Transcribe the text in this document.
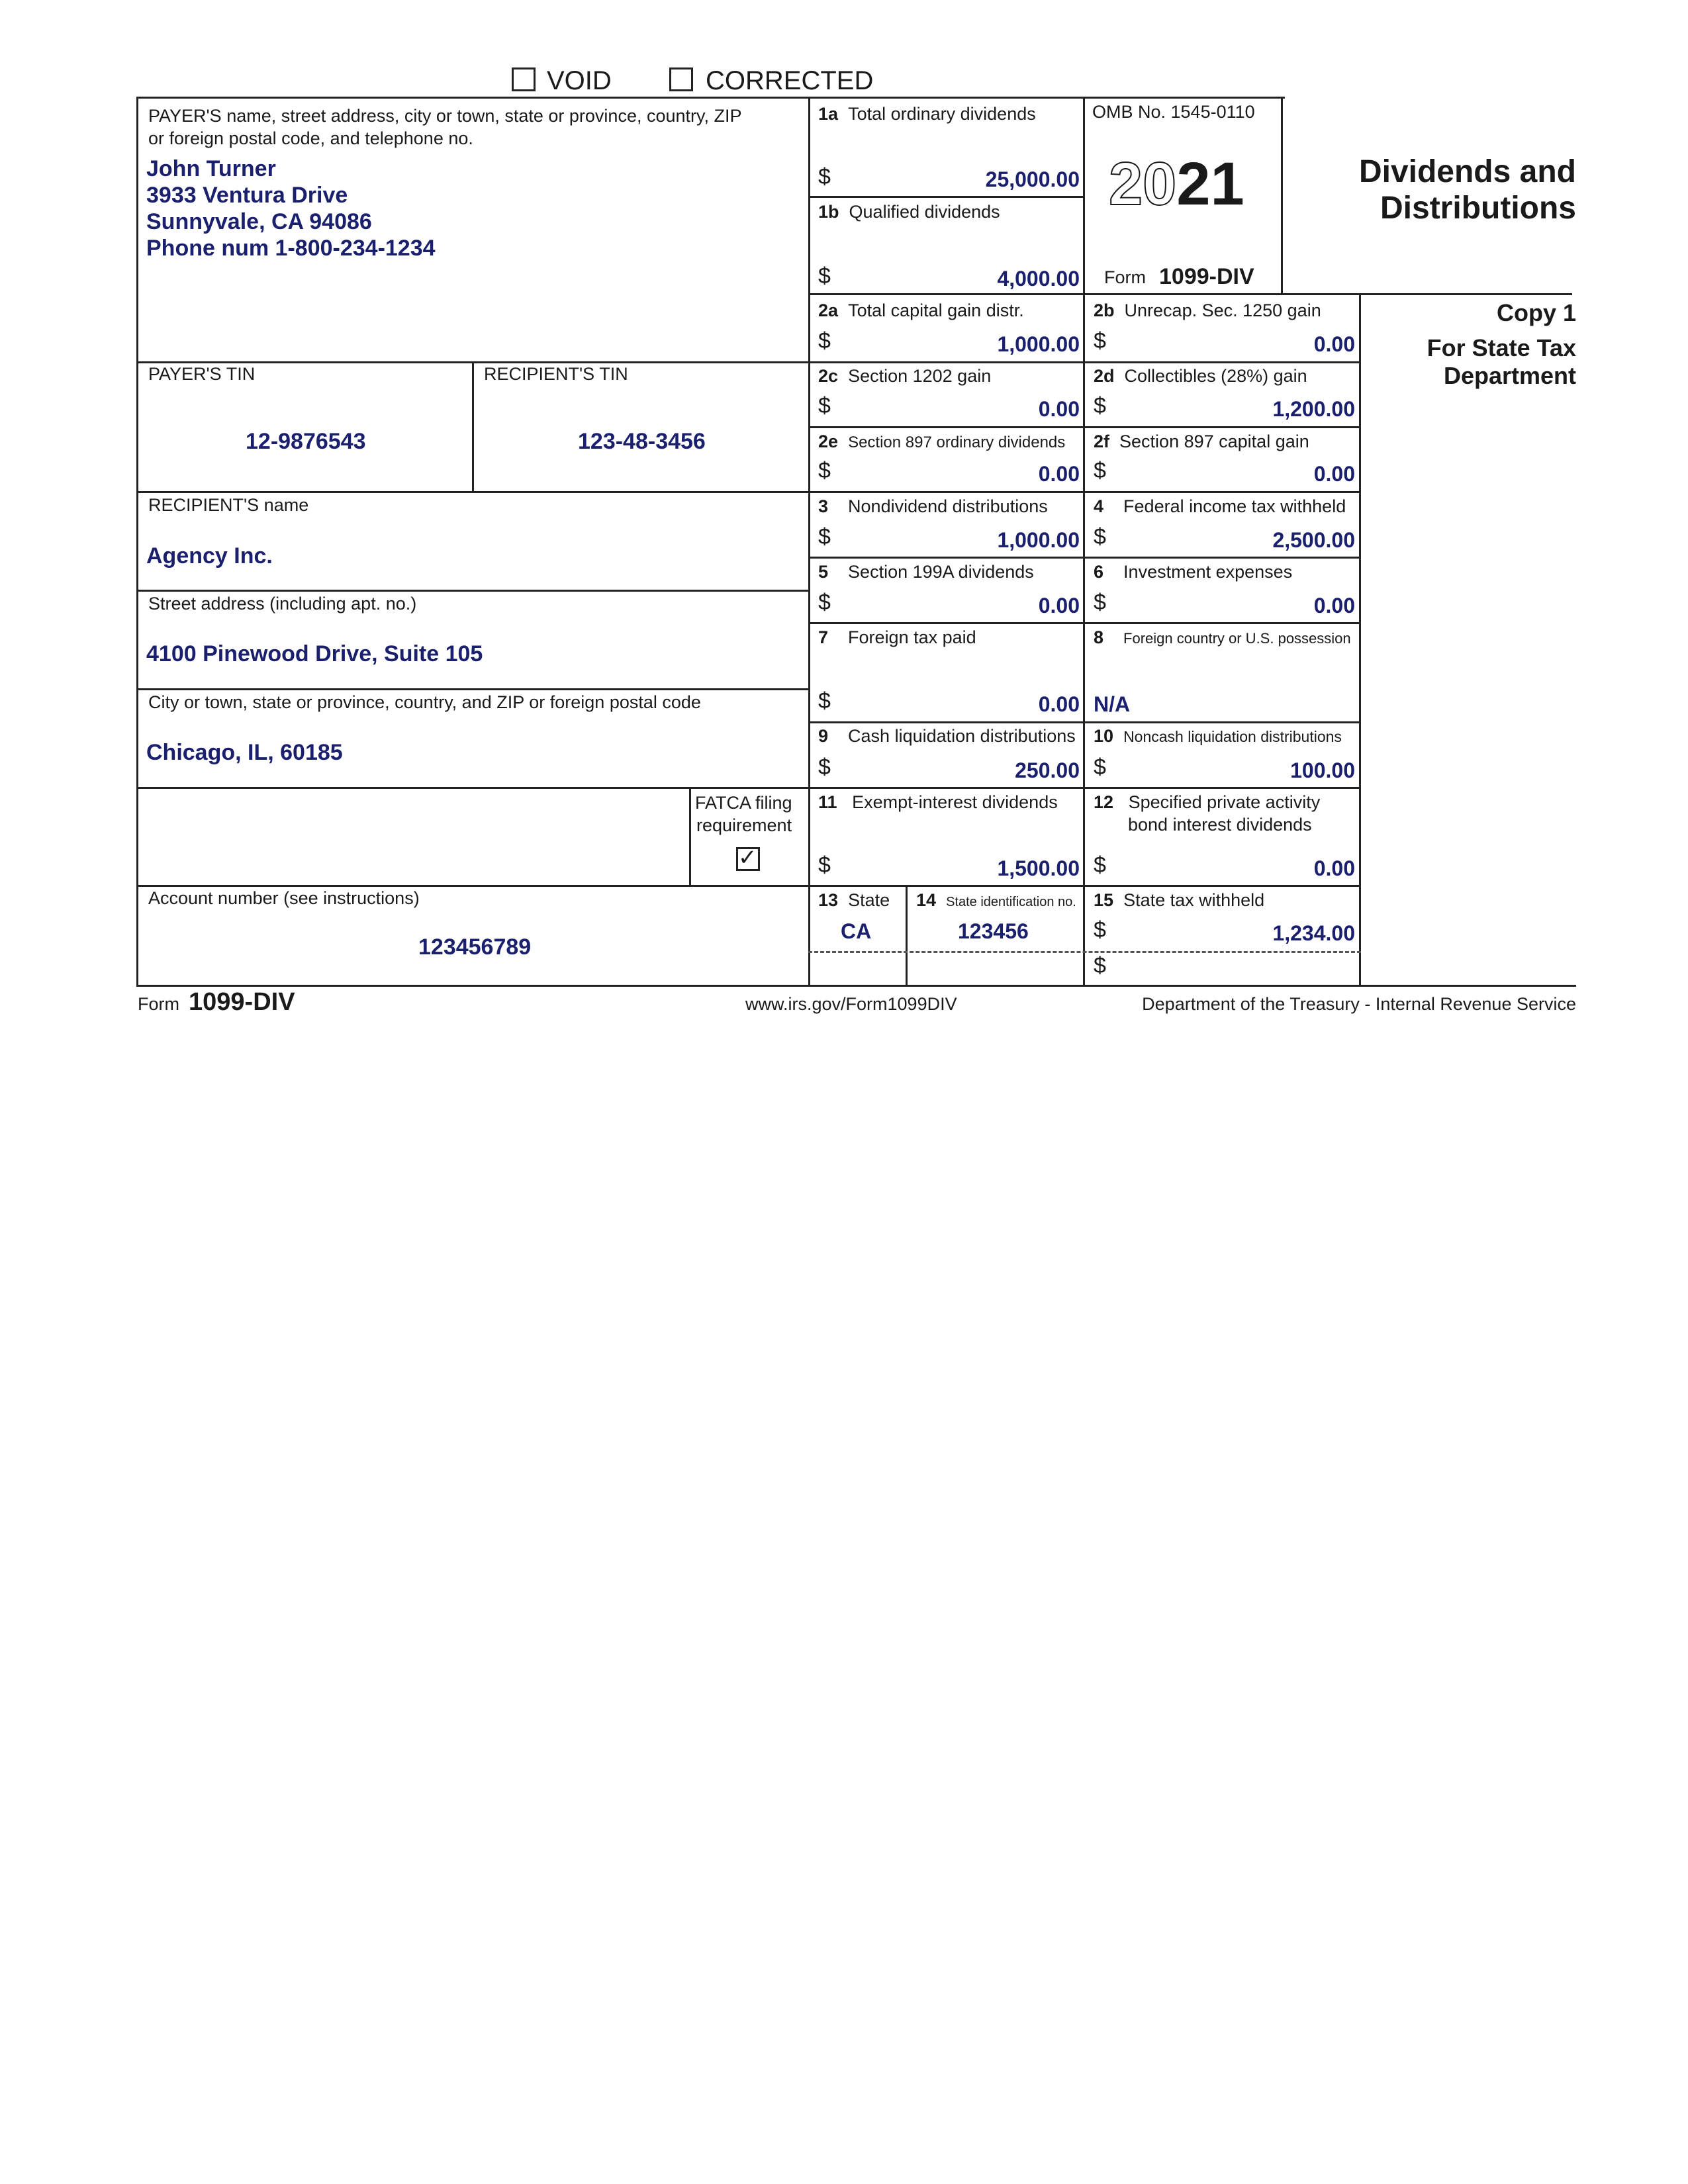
VOID	CORRECTED
PAYER'S name, street address, city or town, state or province, country, ZIP
or foreign postal code, and telephone no.
John Turner
3933 Ventura Drive
Sunnyvale, CA 94086
Phone num 1-800-234-1234
PAYER'S TIN
12-9876543
RECIPIENT'S TIN
123-48-3456
RECIPIENT'S name
Agency Inc.
Street address (including apt. no.)
4100 Pinewood Drive, Suite 105
City or town, state or province, country, and ZIP or foreign postal code
Chicago, IL, 60185
FATCA filing
requirement
✓
Account number (see instructions)
123456789
OMB No. 1545-0110
2021
Form 1099-DIV
Dividends and
Distributions
Copy 1
For State Tax
Department
1a Total ordinary dividends
$	25,000.00
1b Qualified dividends
$	4,000.00
2a Total capital gain distr.
$	1,000.00
2b Unrecap. Sec. 1250 gain
$	0.00
2c Section 1202 gain
$	0.00
2d Collectibles (28%) gain
$	1,200.00
2e Section 897 ordinary dividends
$	0.00
2f Section 897 capital gain
$	0.00
3 Nondividend distributions
$	1,000.00
4 Federal income tax withheld
$	2,500.00
5 Section 199A dividends
$	0.00
6 Investment expenses
$	0.00
7 Foreign tax paid
$	0.00
8 Foreign country or U.S. possession
N/A
9 Cash liquidation distributions
$	250.00
10 Noncash liquidation distributions
$	100.00
11 Exempt-interest dividends
$	1,500.00
12 Specified private activity
bond interest dividends
$	0.00
13 State
CA
14 State identification no.
123456
15 State tax withheld
$	1,234.00
$
Form 1099-DIV	www.irs.gov/Form1099DIV	Department of the Treasury - Internal Revenue Service
